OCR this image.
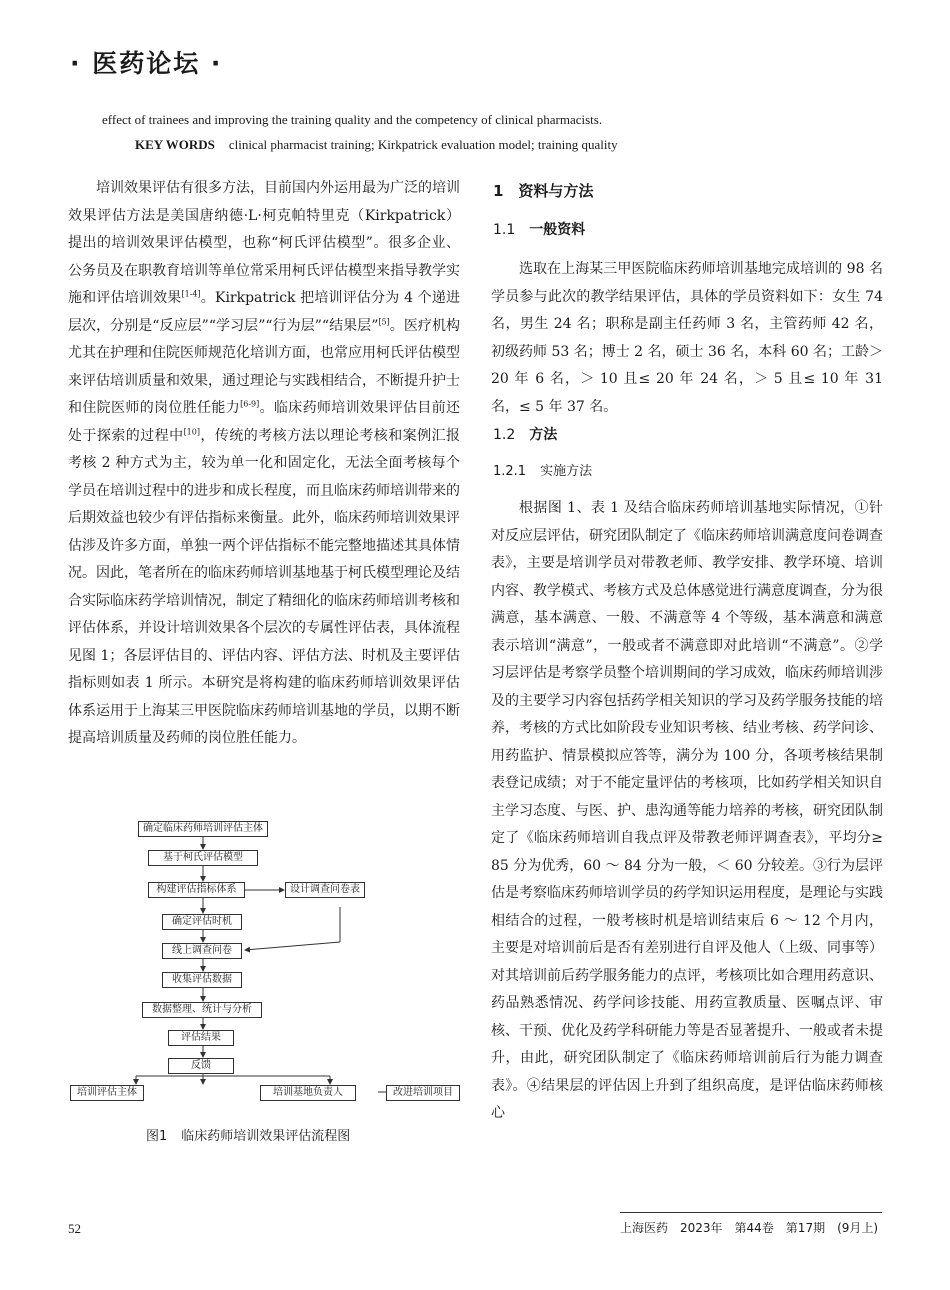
· 医药论坛 ·
effect of trainees and improving the training quality and the competency of clinical pharmacists.
KEY WORDS clinical pharmacist training; Kirkpatrick evaluation model; training quality

培训效果评估有很多方法，目前国内外运用最为广泛的培训效果评估方法是美国唐纳德·L·柯克帕特里克（Kirkpatrick）提出的培训效果评估模型，也称“柯氏评估模型”。很多企业、公务员及在职教育培训等单位常采用柯氏评估模型来指导教学实施和评估培训效果[1-4]。Kirkpatrick 把培训评估分为 4 个递进层次，分别是“反应层”“学习层”“行为层”“结果层”[5]。医疗机构尤其在护理和住院医师规范化培训方面，也常应用柯氏评估模型来评估培训质量和效果，通过理论与实践相结合，不断提升护士和住院医师的岗位胜任能力[6-9]。临床药师培训效果评估目前还处于探索的过程中[10]，传统的考核方法以理论考核和案例汇报考核 2 种方式为主，较为单一化和固定化，无法全面考核每个学员在培训过程中的进步和成长程度，而且临床药师培训带来的后期效益也较少有评估指标来衡量。此外，临床药师培训效果评估涉及许多方面，单独一两个评估指标不能完整地描述其具体情况。因此，笔者所在的临床药师培训基地基于柯氏模型理论及结合实际临床药学培训情况，制定了精细化的临床药师培训考核和评估体系，并设计培训效果各个层次的专属性评估表，具体流程见图 1；各层评估目的、评估内容、评估方法、时机及主要评估指标则如表 1 所示。本研究是将构建的临床药师培训效果评估体系运用于上海某三甲医院临床药师培训基地的学员，以期不断提高培训质量及药师的岗位胜任能力。

确定临床药师培训评估主体
基于柯氏评估模型
构建评估指标体系	设计调查问卷表
确定评估时机
线上调查问卷
收集评估数据
数据整理、统计与分析
评估结果
反馈
培训评估主体	培训基地负责人	改进培训项目
图1 临床药师培训效果评估流程图
1　资料与方法
1.1 一般资料

选取在上海某三甲医院临床药师培训基地完成培训的 98 名学员参与此次的教学结果评估，具体的学员资料如下：女生 74 名，男生 24 名；职称是副主任药师 3 名，主管药师 42 名，初级药师 53 名；博士 2 名，硕士 36 名，本科 60 名；工龄＞ 20 年 6 名，＞ 10 且≤ 20 年 24 名，＞ 5 且≤ 10 年 31 名，≤ 5 年 37 名。

1.2 方法
1.2.1 实施方法

根据图 1、表 1 及结合临床药师培训基地实际情况，①针对反应层评估，研究团队制定了《临床药师培训满意度问卷调查表》，主要是培训学员对带教老师、教学安排、教学环境、培训内容、教学模式、考核方式及总体感觉进行满意度调查，分为很满意，基本满意、一般、不满意等 4 个等级，基本满意和满意表示培训“满意”，一般或者不满意即对此培训“不满意”。②学习层评估是考察学员整个培训期间的学习成效，临床药师培训涉及的主要学习内容包括药学相关知识的学习及药学服务技能的培养，考核的方式比如阶段专业知识考核、结业考核、药学问诊、用药监护、情景模拟应答等，满分为 100 分，各项考核结果制表登记成绩；对于不能定量评估的考核项，比如药学相关知识自主学习态度、与医、护、患沟通等能力培养的考核，研究团队制定了《临床药师培训自我点评及带教老师评调查表》，平均分≥ 85 分为优秀，60 ～ 84 分为一般，＜ 60 分较差。③行为层评估是考察临床药师培训学员的药学知识运用程度，是理论与实践相结合的过程，一般考核时机是培训结束后 6 ～ 12 个月内，主要是对培训前后是否有差别进行自评及他人（上级、同事等）对其培训前后药学服务能力的点评，考核项比如合理用药意识、药品熟悉情况、药学问诊技能、用药宣教质量、医嘱点评、审核、干预、优化及药学科研能力等是否显著提升、一般或者未提升，由此，研究团队制定了《临床药师培训前后行为能力调查表》。④结果层的评估因上升到了组织高度，是评估临床药师核心

52	上海医药　2023年　第44卷　第17期　(9月上)
